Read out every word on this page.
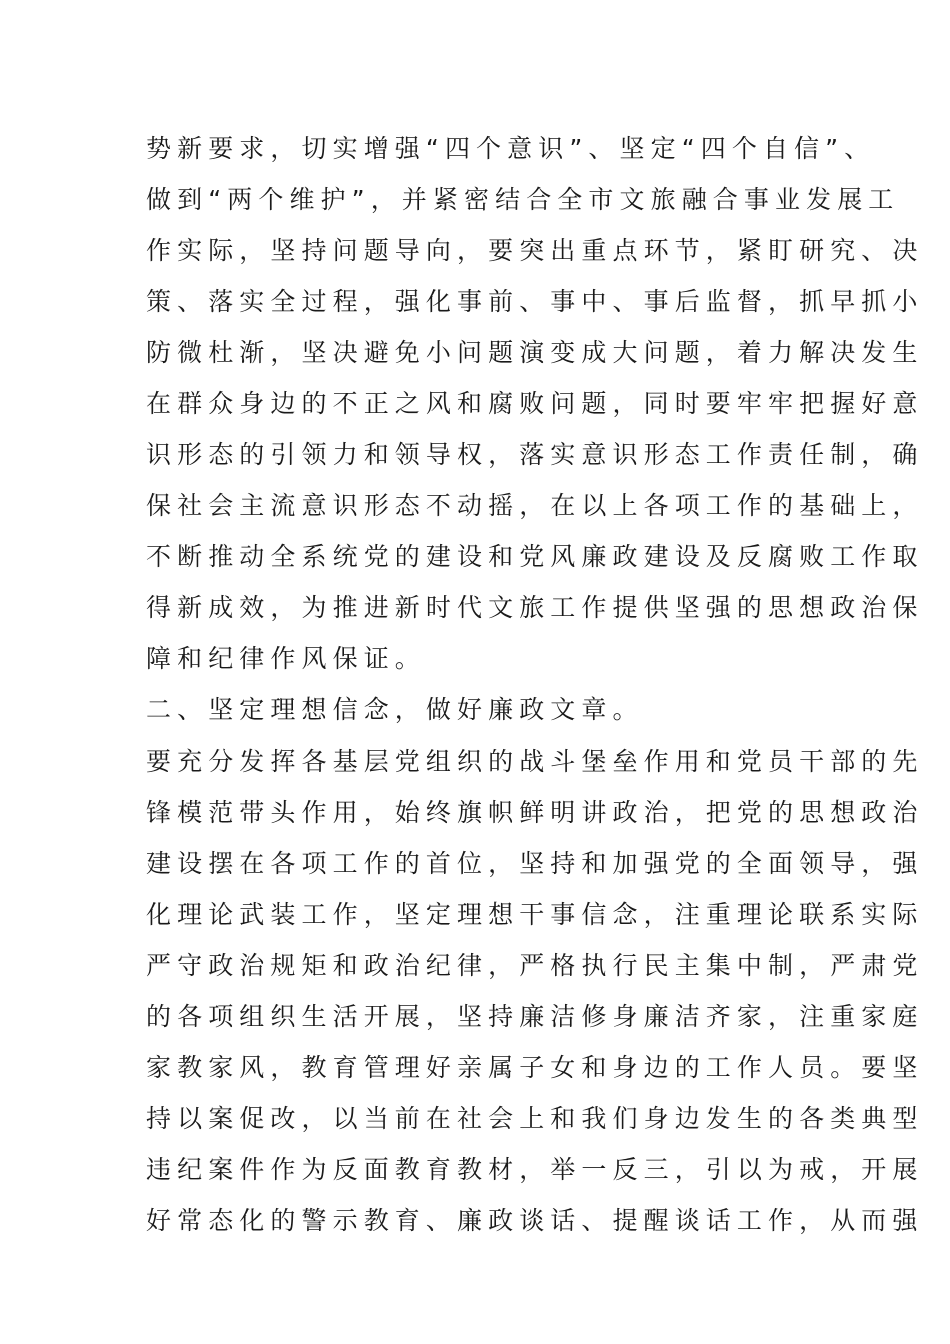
势新要求，切实增强“四个意识”、坚定“四个自信”、
做到“两个维护”，并紧密结合全市文旅融合事业发展工
作实际，坚持问题导向，要突出重点环节，紧盯研究、决
策、落实全过程，强化事前、事中、事后监督，抓早抓小
防微杜渐，坚决避免小问题演变成大问题，着力解决发生
在群众身边的不正之风和腐败问题，同时要牢牢把握好意
识形态的引领力和领导权，落实意识形态工作责任制，确
保社会主流意识形态不动摇，在以上各项工作的基础上，
不断推动全系统党的建设和党风廉政建设及反腐败工作取
得新成效，为推进新时代文旅工作提供坚强的思想政治保
障和纪律作风保证。
二、坚定理想信念，做好廉政文章。
要充分发挥各基层党组织的战斗堡垒作用和党员干部的先
锋模范带头作用，始终旗帜鲜明讲政治，把党的思想政治
建设摆在各项工作的首位，坚持和加强党的全面领导，强
化理论武装工作，坚定理想干事信念，注重理论联系实际
严守政治规矩和政治纪律，严格执行民主集中制，严肃党
的各项组织生活开展，坚持廉洁修身廉洁齐家，注重家庭
家教家风，教育管理好亲属子女和身边的工作人员。要坚
持以案促改，以当前在社会上和我们身边发生的各类典型
违纪案件作为反面教育教材，举一反三，引以为戒，开展
好常态化的警示教育、廉政谈话、提醒谈话工作，从而强
